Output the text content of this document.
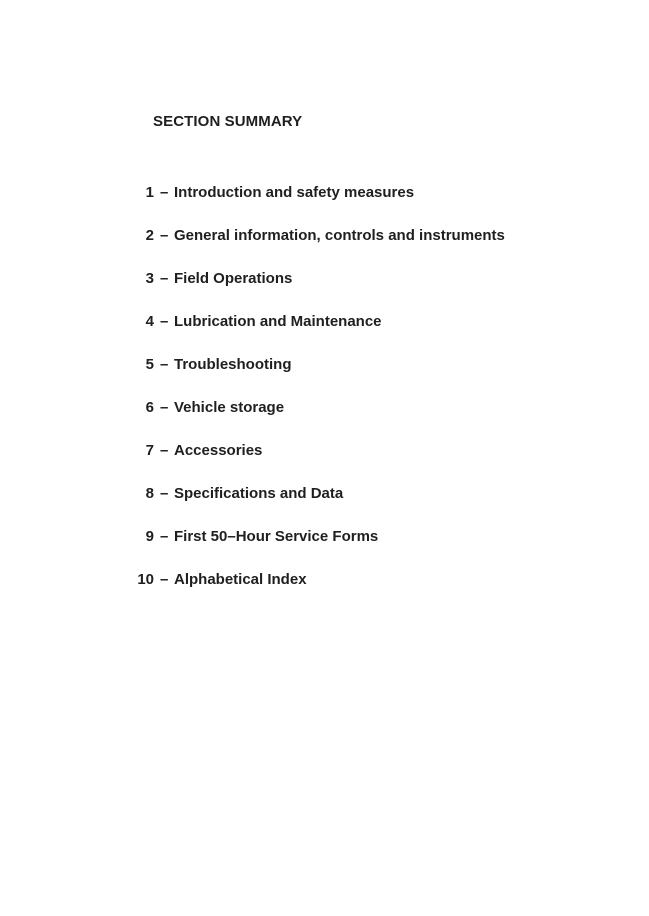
SECTION SUMMARY
1 – Introduction and safety measures
2 – General information, controls and instruments
3 – Field Operations
4 – Lubrication and Maintenance
5 – Troubleshooting
6 – Vehicle storage
7 – Accessories
8 – Specifications and Data
9 – First 50–Hour Service Forms
10 – Alphabetical Index
